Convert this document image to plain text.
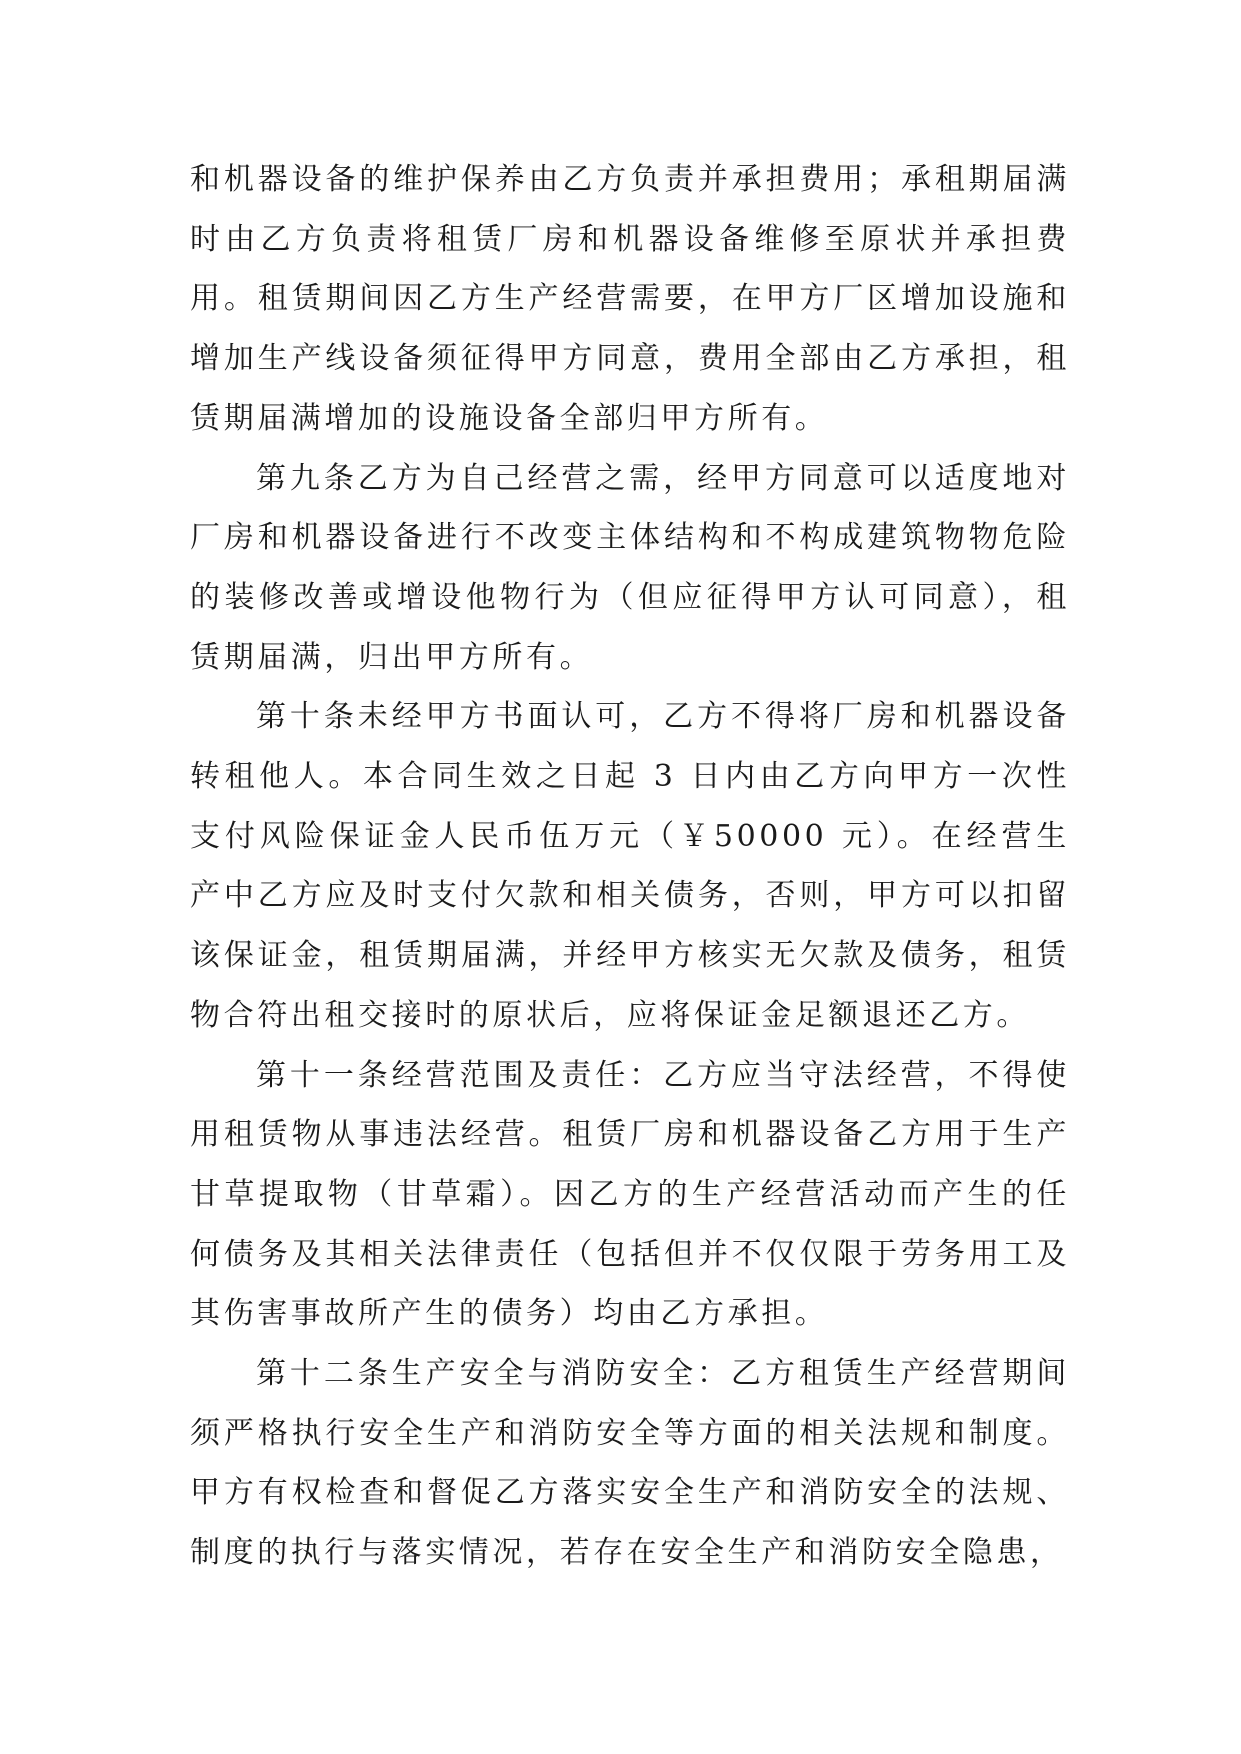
和机器设备的维护保养由乙方负责并承担费用；承租期届满时由乙方负责将租赁厂房和机器设备维修至原状并承担费用。租赁期间因乙方生产经营需要，在甲方厂区增加设施和增加生产线设备须征得甲方同意，费用全部由乙方承担，租赁期届满增加的设施设备全部归甲方所有。

第九条乙方为自己经营之需，经甲方同意可以适度地对厂房和机器设备进行不改变主体结构和不构成建筑物物危险的装修改善或增设他物行为（但应征得甲方认可同意），租赁期届满，归出甲方所有。

第十条未经甲方书面认可，乙方不得将厂房和机器设备转租他人。本合同生效之日起 3 日内由乙方向甲方一次性支付风险保证金人民币伍万元（￥50000 元）。在经营生产中乙方应及时支付欠款和相关债务，否则，甲方可以扣留该保证金，租赁期届满，并经甲方核实无欠款及债务，租赁物合符出租交接时的原状后，应将保证金足额退还乙方。

第十一条经营范围及责任：乙方应当守法经营，不得使用租赁物从事违法经营。租赁厂房和机器设备乙方用于生产甘草提取物（甘草霜）。因乙方的生产经营活动而产生的任何债务及其相关法律责任（包括但并不仅仅限于劳务用工及其伤害事故所产生的债务）均由乙方承担。

第十二条生产安全与消防安全：乙方租赁生产经营期间须严格执行安全生产和消防安全等方面的相关法规和制度。甲方有权检查和督促乙方落实安全生产和消防安全的法规、制度的执行与落实情况，若存在安全生产和消防安全隐患，
